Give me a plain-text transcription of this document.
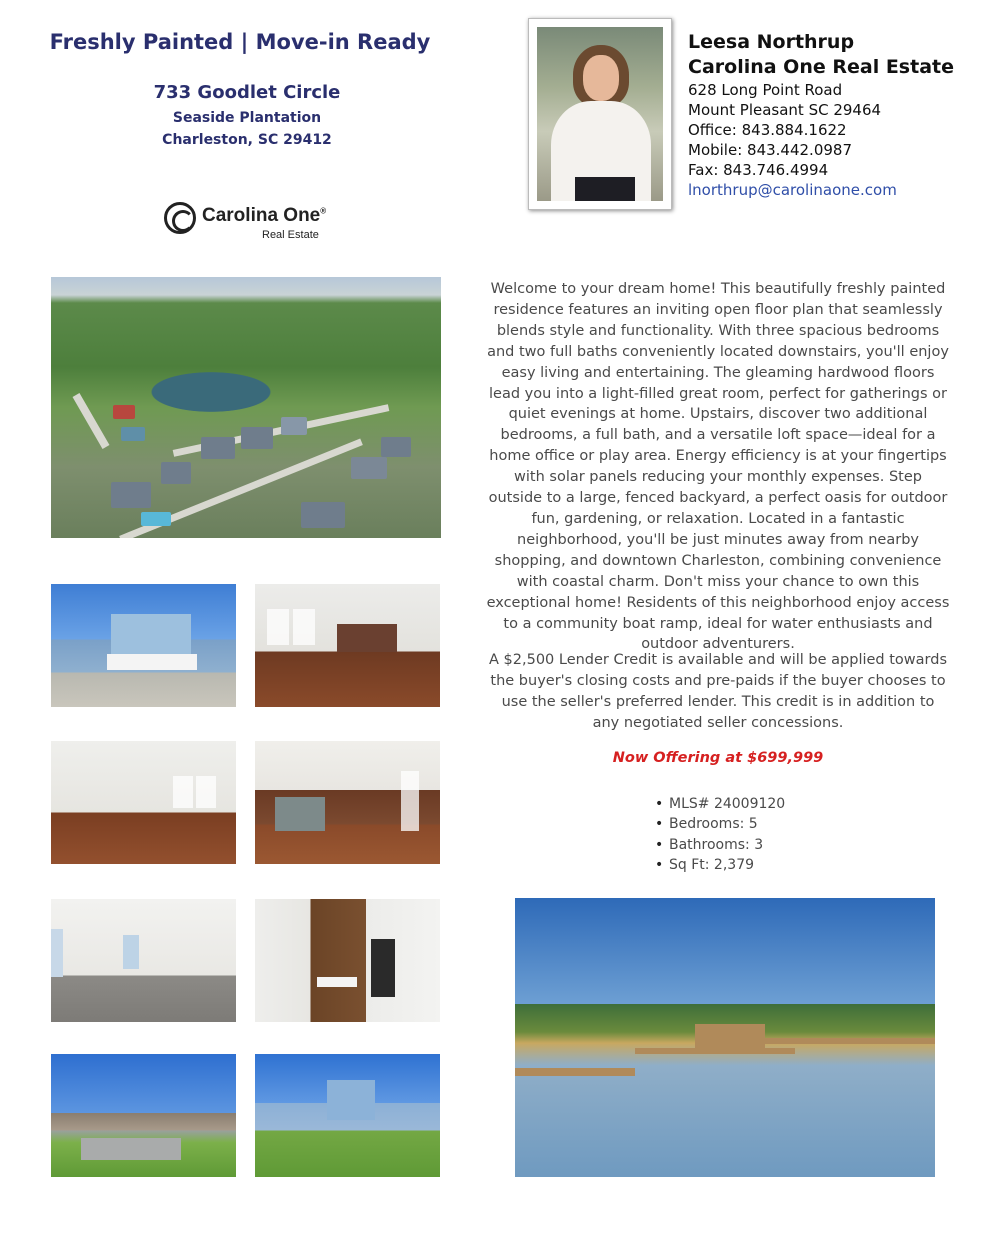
Freshly Painted | Move-in Ready
733 Goodlet Circle
Seaside Plantation
Charleston, SC 29412
Carolina One®
Real Estate
Leesa Northrup
Carolina One Real Estate
628 Long Point Road
Mount Pleasant SC 29464
Office: 843.884.1622
Mobile: 843.442.0987
Fax: 843.746.4994
lnorthrup@carolinaone.com
Welcome to your dream home! This beautifully freshly painted residence features an inviting open floor plan that seamlessly blends style and functionality. With three spacious bedrooms and two full baths conveniently located downstairs, you'll enjoy easy living and entertaining. The gleaming hardwood floors lead you into a light-filled great room, perfect for gatherings or quiet evenings at home. Upstairs, discover two additional bedrooms, a full bath, and a versatile loft space—ideal for a home office or play area. Energy efficiency is at your fingertips with solar panels reducing your monthly expenses. Step outside to a large, fenced backyard, a perfect oasis for outdoor fun, gardening, or relaxation. Located in a fantastic neighborhood, you'll be just minutes away from nearby shopping, and downtown Charleston, combining convenience with coastal charm. Don't miss your chance to own this exceptional home! Residents of this neighborhood enjoy access to a community boat ramp, ideal for water enthusiasts and outdoor adventurers.
A $2,500 Lender Credit is available and will be applied towards the buyer's closing costs and pre-paids if the buyer chooses to use the seller's preferred lender. This credit is in addition to any negotiated seller concessions.
Now Offering at $699,999
• MLS# 24009120
• Bedrooms: 5
• Bathrooms: 3
• Sq Ft: 2,379
